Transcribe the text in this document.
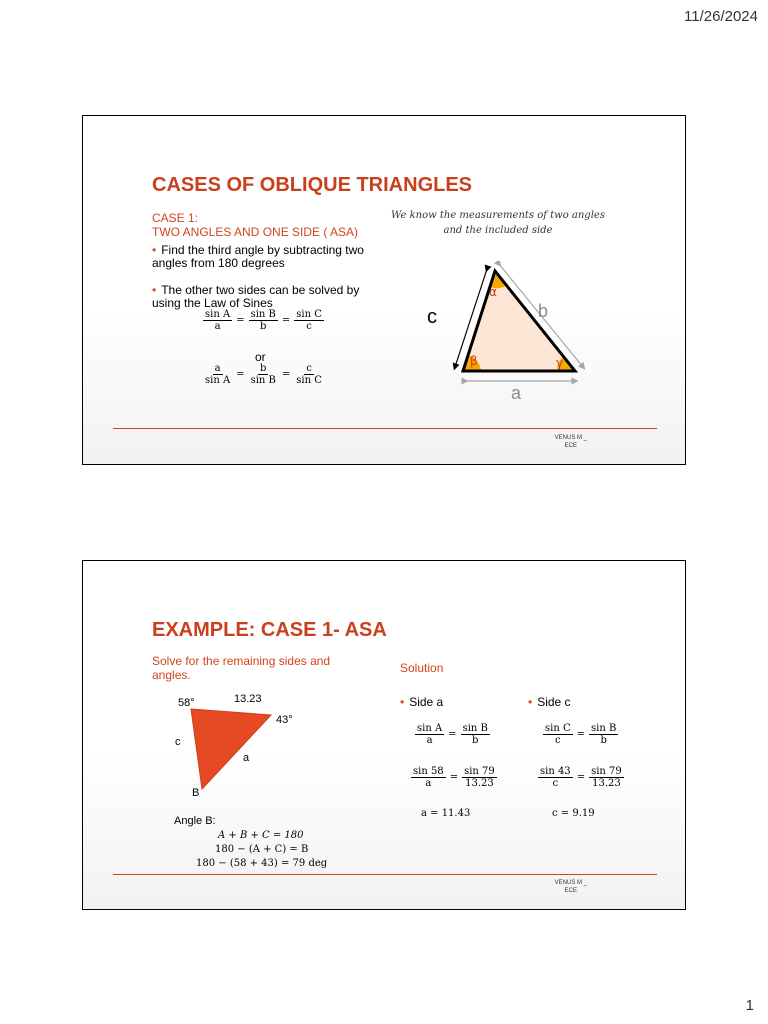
11/26/2024
CASES OF OBLIQUE TRIANGLES
CASE 1:
TWO ANGLES AND ONE SIDE ( ASA)
• Find the third angle by subtracting two angles from 180 degrees
• The other two sides can be solved by using the Law of Sines
$\frac{\text{sin A}}{a} = \frac{\text{sin B}}{b} = \frac{\text{sin C}}{c}$
or
$\frac{a}{\text{sin A}} = \frac{b}{\text{sin B}} = \frac{c}{\text{sin C}}$
We know the measurements of two angles
and the included side
α
β	γ
b
a
c
VENUS M _
ECE
EXAMPLE: CASE 1- ASA
Solve for the remaining sides and angles.	Solution
58°	13.23
43°
c
a
B
Angle B:
A + B + C = 180
180 − (A + C) = B
180 − (58 + 43) = 79 deg
• Side a	• Side c
$\frac{\text{sin A}}{a} = \frac{\text{sin B}}{b}$
$\frac{\sin 58}{a} = \frac{\sin 79}{13.23}$
a = 11.43
$\frac{\text{sin C}}{c} = \frac{\text{sin B}}{b}$
$\frac{\sin 43}{c} = \frac{\sin 79}{13.23}$
c = 9.19
VENUS M _
ECE
1
